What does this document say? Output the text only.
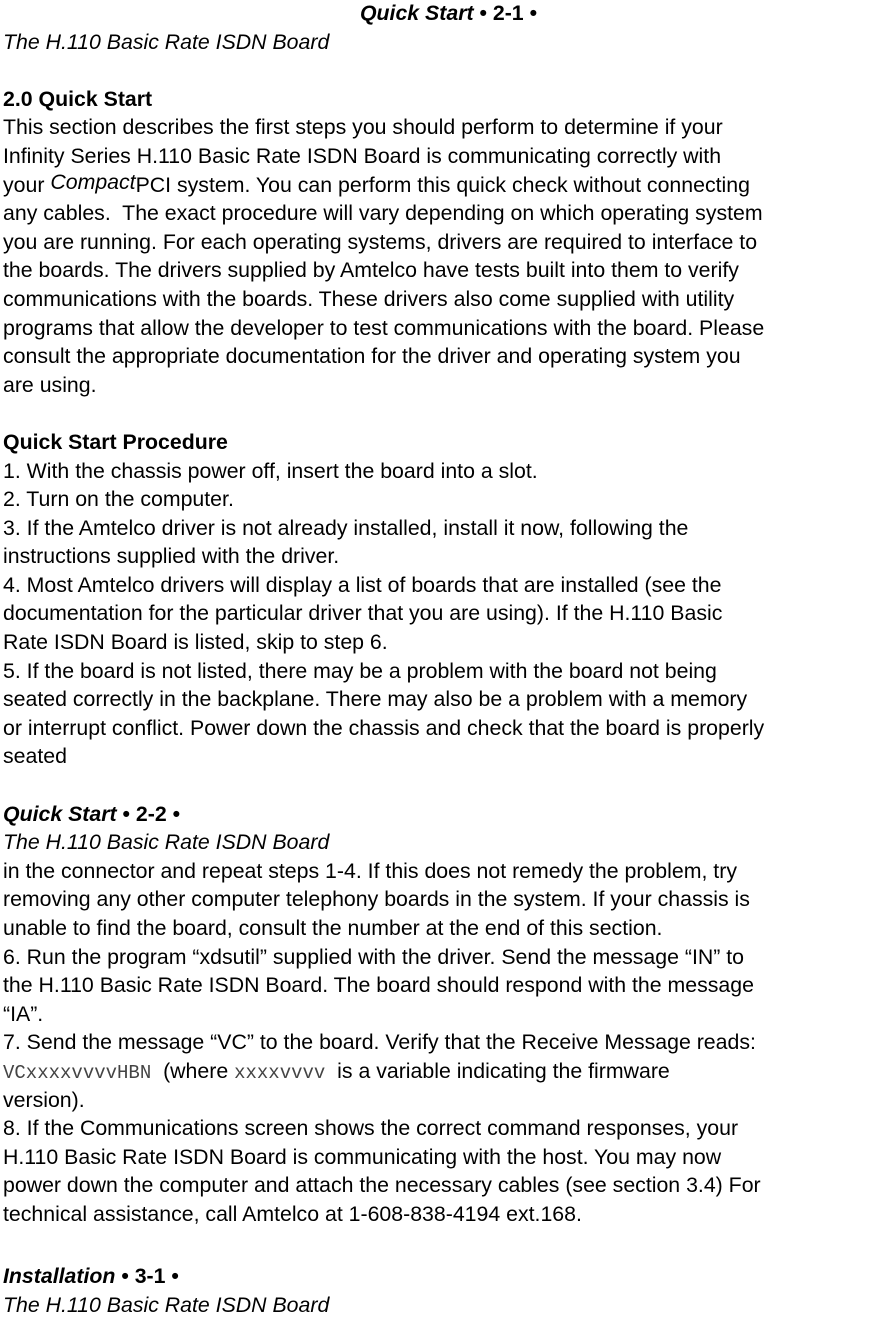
Quick Start • 2-1 •
The H.110 Basic Rate ISDN Board
2.0 Quick Start
This section describes the first steps you should perform to determine if your
Infinity Series H.110 Basic Rate ISDN Board is communicating correctly with
your CompactPCI system. You can perform this quick check without connecting
any cables.  The exact procedure will vary depending on which operating system
you are running. For each operating systems, drivers are required to interface to
the boards. The drivers supplied by Amtelco have tests built into them to verify
communications with the boards. These drivers also come supplied with utility
programs that allow the developer to test communications with the board. Please
consult the appropriate documentation for the driver and operating system you
are using.
Quick Start Procedure
1. With the chassis power off, insert the board into a slot.
2. Turn on the computer.
3. If the Amtelco driver is not already installed, install it now, following the
instructions supplied with the driver.
4. Most Amtelco drivers will display a list of boards that are installed (see the
documentation for the particular driver that you are using). If the H.110 Basic
Rate ISDN Board is listed, skip to step 6.
5. If the board is not listed, there may be a problem with the board not being
seated correctly in the backplane. There may also be a problem with a memory
or interrupt conflict. Power down the chassis and check that the board is properly
seated
Quick Start • 2-2 •
The H.110 Basic Rate ISDN Board
in the connector and repeat steps 1-4. If this does not remedy the problem, try
removing any other computer telephony boards in the system. If your chassis is
unable to find the board, consult the number at the end of this section.
6. Run the program “xdsutil” supplied with the driver. Send the message “IN” to
the H.110 Basic Rate ISDN Board. The board should respond with the message
“IA”.
7. Send the message “VC” to the board. Verify that the Receive Message reads:
VCxxxxvvvvHBN  (where xxxxvvvv  is a variable indicating the firmware
version).
8. If the Communications screen shows the correct command responses, your
H.110 Basic Rate ISDN Board is communicating with the host. You may now
power down the computer and attach the necessary cables (see section 3.4) For
technical assistance, call Amtelco at 1-608-838-4194 ext.168.
Installation • 3-1 •
The H.110 Basic Rate ISDN Board
